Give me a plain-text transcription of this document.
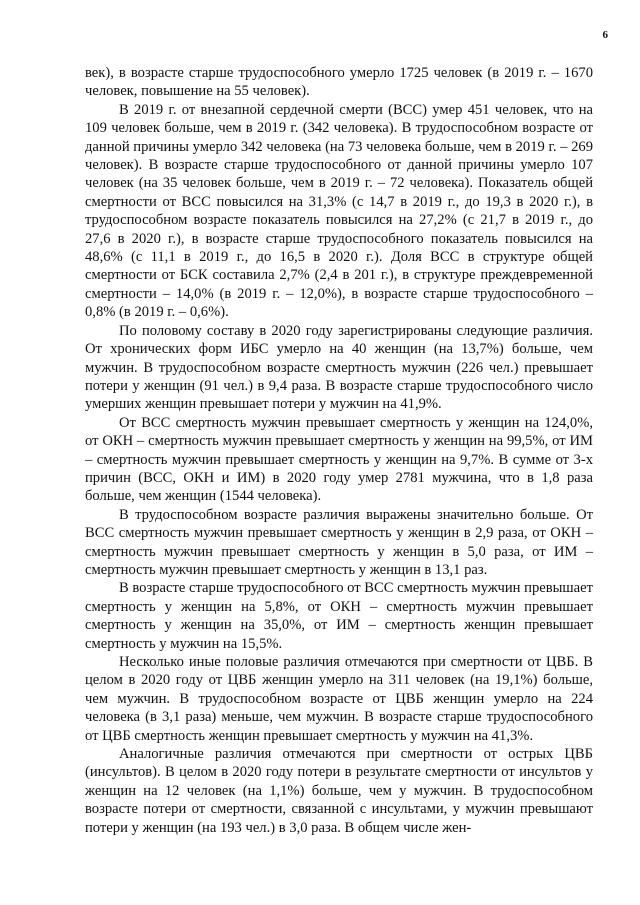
6

век), в возрасте старше трудоспособного умерло 1725 человек (в 2019 г. – 1670 человек, повышение на 55 человек).

В 2019 г. от внезапной сердечной смерти (ВСС) умер 451 человек, что на 109 человек больше, чем в 2019 г. (342 человека). В трудоспособном возрасте от данной причины умерло 342 человека (на 73 человека больше, чем в 2019 г. – 269 человек). В возрасте старше трудоспособного от данной причины умерло 107 человек (на 35 человек больше, чем в 2019 г. – 72 человека). Показатель общей смертности от ВСС повысился на 31,3% (с 14,7 в 2019 г., до 19,3 в 2020 г.), в трудоспособном возрасте показатель повысился на 27,2% (с 21,7 в 2019 г., до 27,6 в 2020 г.), в возрасте старше трудоспособного показатель повысился на 48,6% (с 11,1 в 2019 г., до 16,5 в 2020 г.). Доля ВСС в структуре общей смертности от БСК составила 2,7% (2,4 в 201 г.), в структуре преждевременной смертности – 14,0% (в 2019 г. – 12,0%), в возрасте старше трудоспособного – 0,8% (в 2019 г. – 0,6%).

По половому составу в 2020 году зарегистрированы следующие различия. От хронических форм ИБС умерло на 40 женщин (на 13,7%) больше, чем мужчин. В трудоспособном возрасте смертность мужчин (226 чел.) превышает потери у женщин (91 чел.) в 9,4 раза. В возрасте старше трудоспособного число умерших женщин превышает потери у мужчин на 41,9%.

От ВСС смертность мужчин превышает смертность у женщин на 124,0%, от ОКН – смертность мужчин превышает смертность у женщин на 99,5%, от ИМ – смертность мужчин превышает смертность у женщин на 9,7%. В сумме от 3-х причин (ВСС, ОКН и ИМ) в 2020 году умер 2781 мужчина, что в 1,8 раза больше, чем женщин (1544 человека).

В трудоспособном возрасте различия выражены значительно больше. От ВСС смертность мужчин превышает смертность у женщин в 2,9 раза, от ОКН – смертность мужчин превышает смертность у женщин в 5,0 раза, от ИМ – смертность мужчин превышает смертность у женщин в 13,1 раз.

В возрасте старше трудоспособного от ВСС смертность мужчин превышает смертность у женщин на 5,8%, от ОКН – смертность мужчин превышает смертность у женщин на 35,0%, от ИМ – смертность женщин превышает смертность у мужчин на 15,5%.

Несколько иные половые различия отмечаются при смертности от ЦВБ. В целом в 2020 году от ЦВБ женщин умерло на 311 человек (на 19,1%) больше, чем мужчин. В трудоспособном возрасте от ЦВБ женщин умерло на 224 человека (в 3,1 раза) меньше, чем мужчин. В возрасте старше трудоспособного от ЦВБ смертность женщин превышает смертность у мужчин на 41,3%.

Аналогичные различия отмечаются при смертности от острых ЦВБ (инсультов). В целом в 2020 году потери в результате смертности от инсультов у женщин на 12 человек (на 1,1%) больше, чем у мужчин. В трудоспособном возрасте потери от смертности, связанной с инсультами, у мужчин превышают потери у женщин (на 193 чел.) в 3,0 раза. В общем числе жен-
